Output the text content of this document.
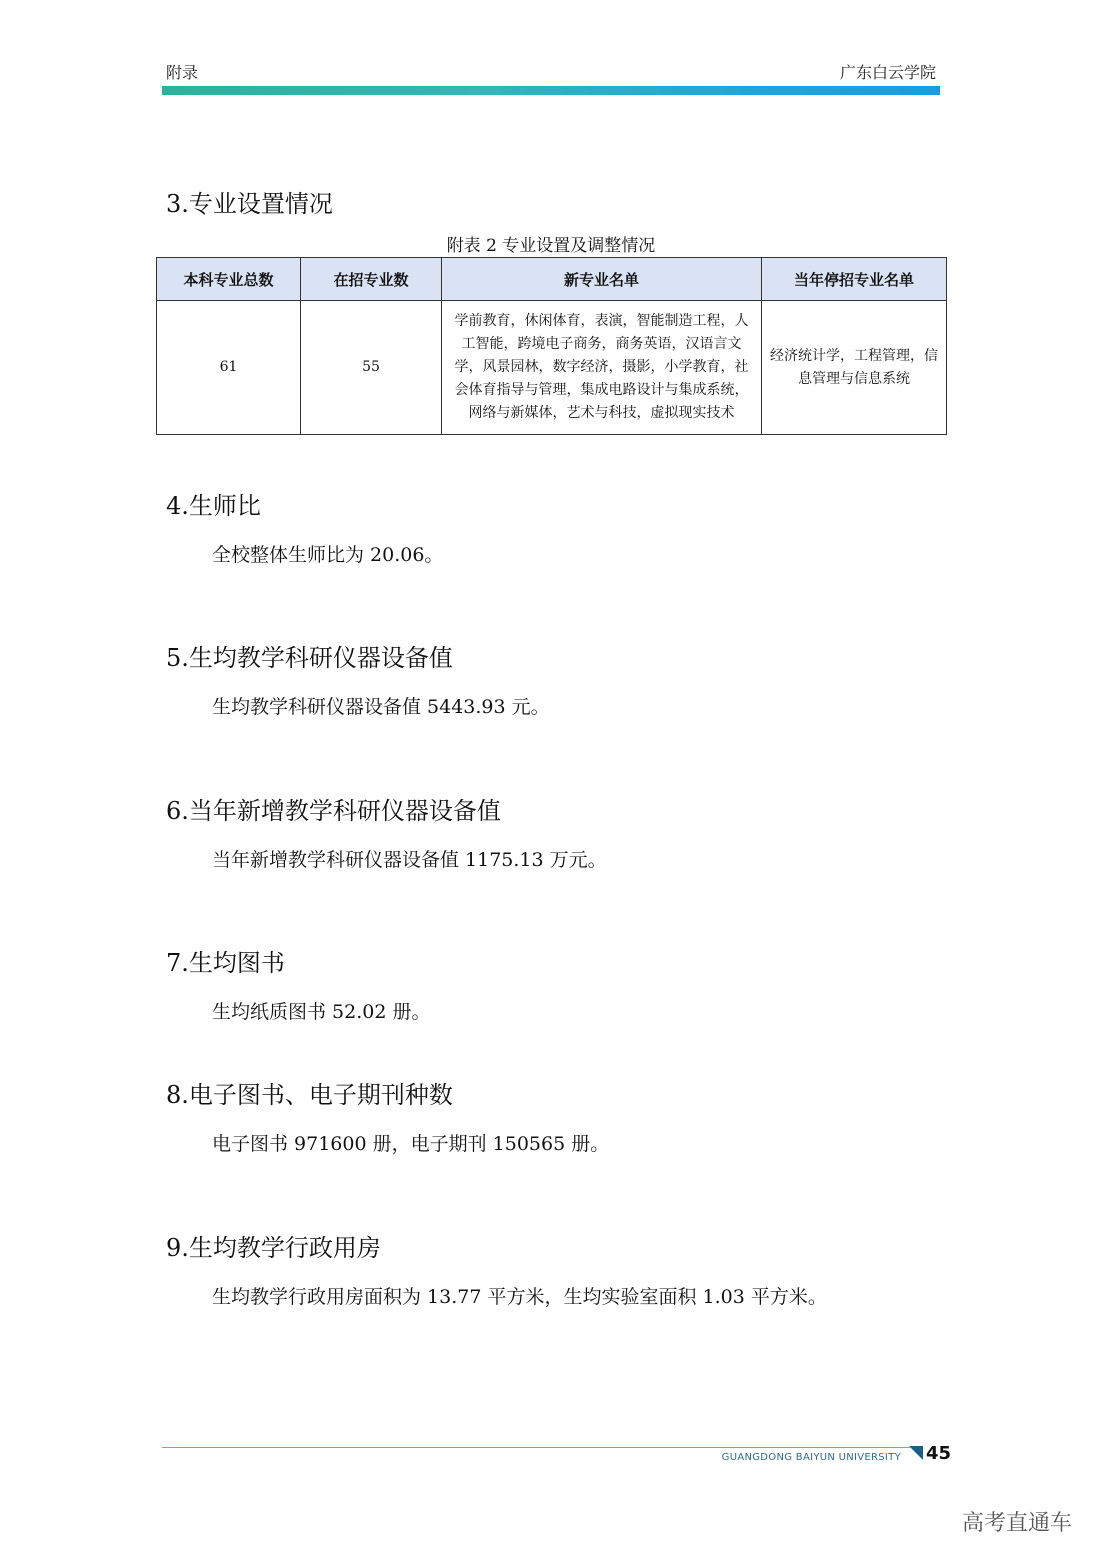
附录	广东白云学院
3.专业设置情况
附表 2 专业设置及调整情况
本科专业总数	在招专业数	新专业名单	当年停招专业名单
61	55	学前教育，休闲体育，表演，智能制造工程，人工智能，跨境电子商务，商务英语，汉语言文学，风景园林，数字经济，摄影，小学教育，社会体育指导与管理，集成电路设计与集成系统，网络与新媒体，艺术与科技，虚拟现实技术	经济统计学，工程管理，信息管理与信息系统
4.生师比
全校整体生师比为 20.06。
5.生均教学科研仪器设备值
生均教学科研仪器设备值 5443.93 元。
6.当年新增教学科研仪器设备值
当年新增教学科研仪器设备值 1175.13 万元。
7.生均图书
生均纸质图书 52.02 册。
8.电子图书、电子期刊种数
电子图书 971600 册，电子期刊 150565 册。
9.生均教学行政用房
生均教学行政用房面积为 13.77 平方米，生均实验室面积 1.03 平方米。
GUANGDONG BAIYUN UNIVERSITY 45
高考直通车
